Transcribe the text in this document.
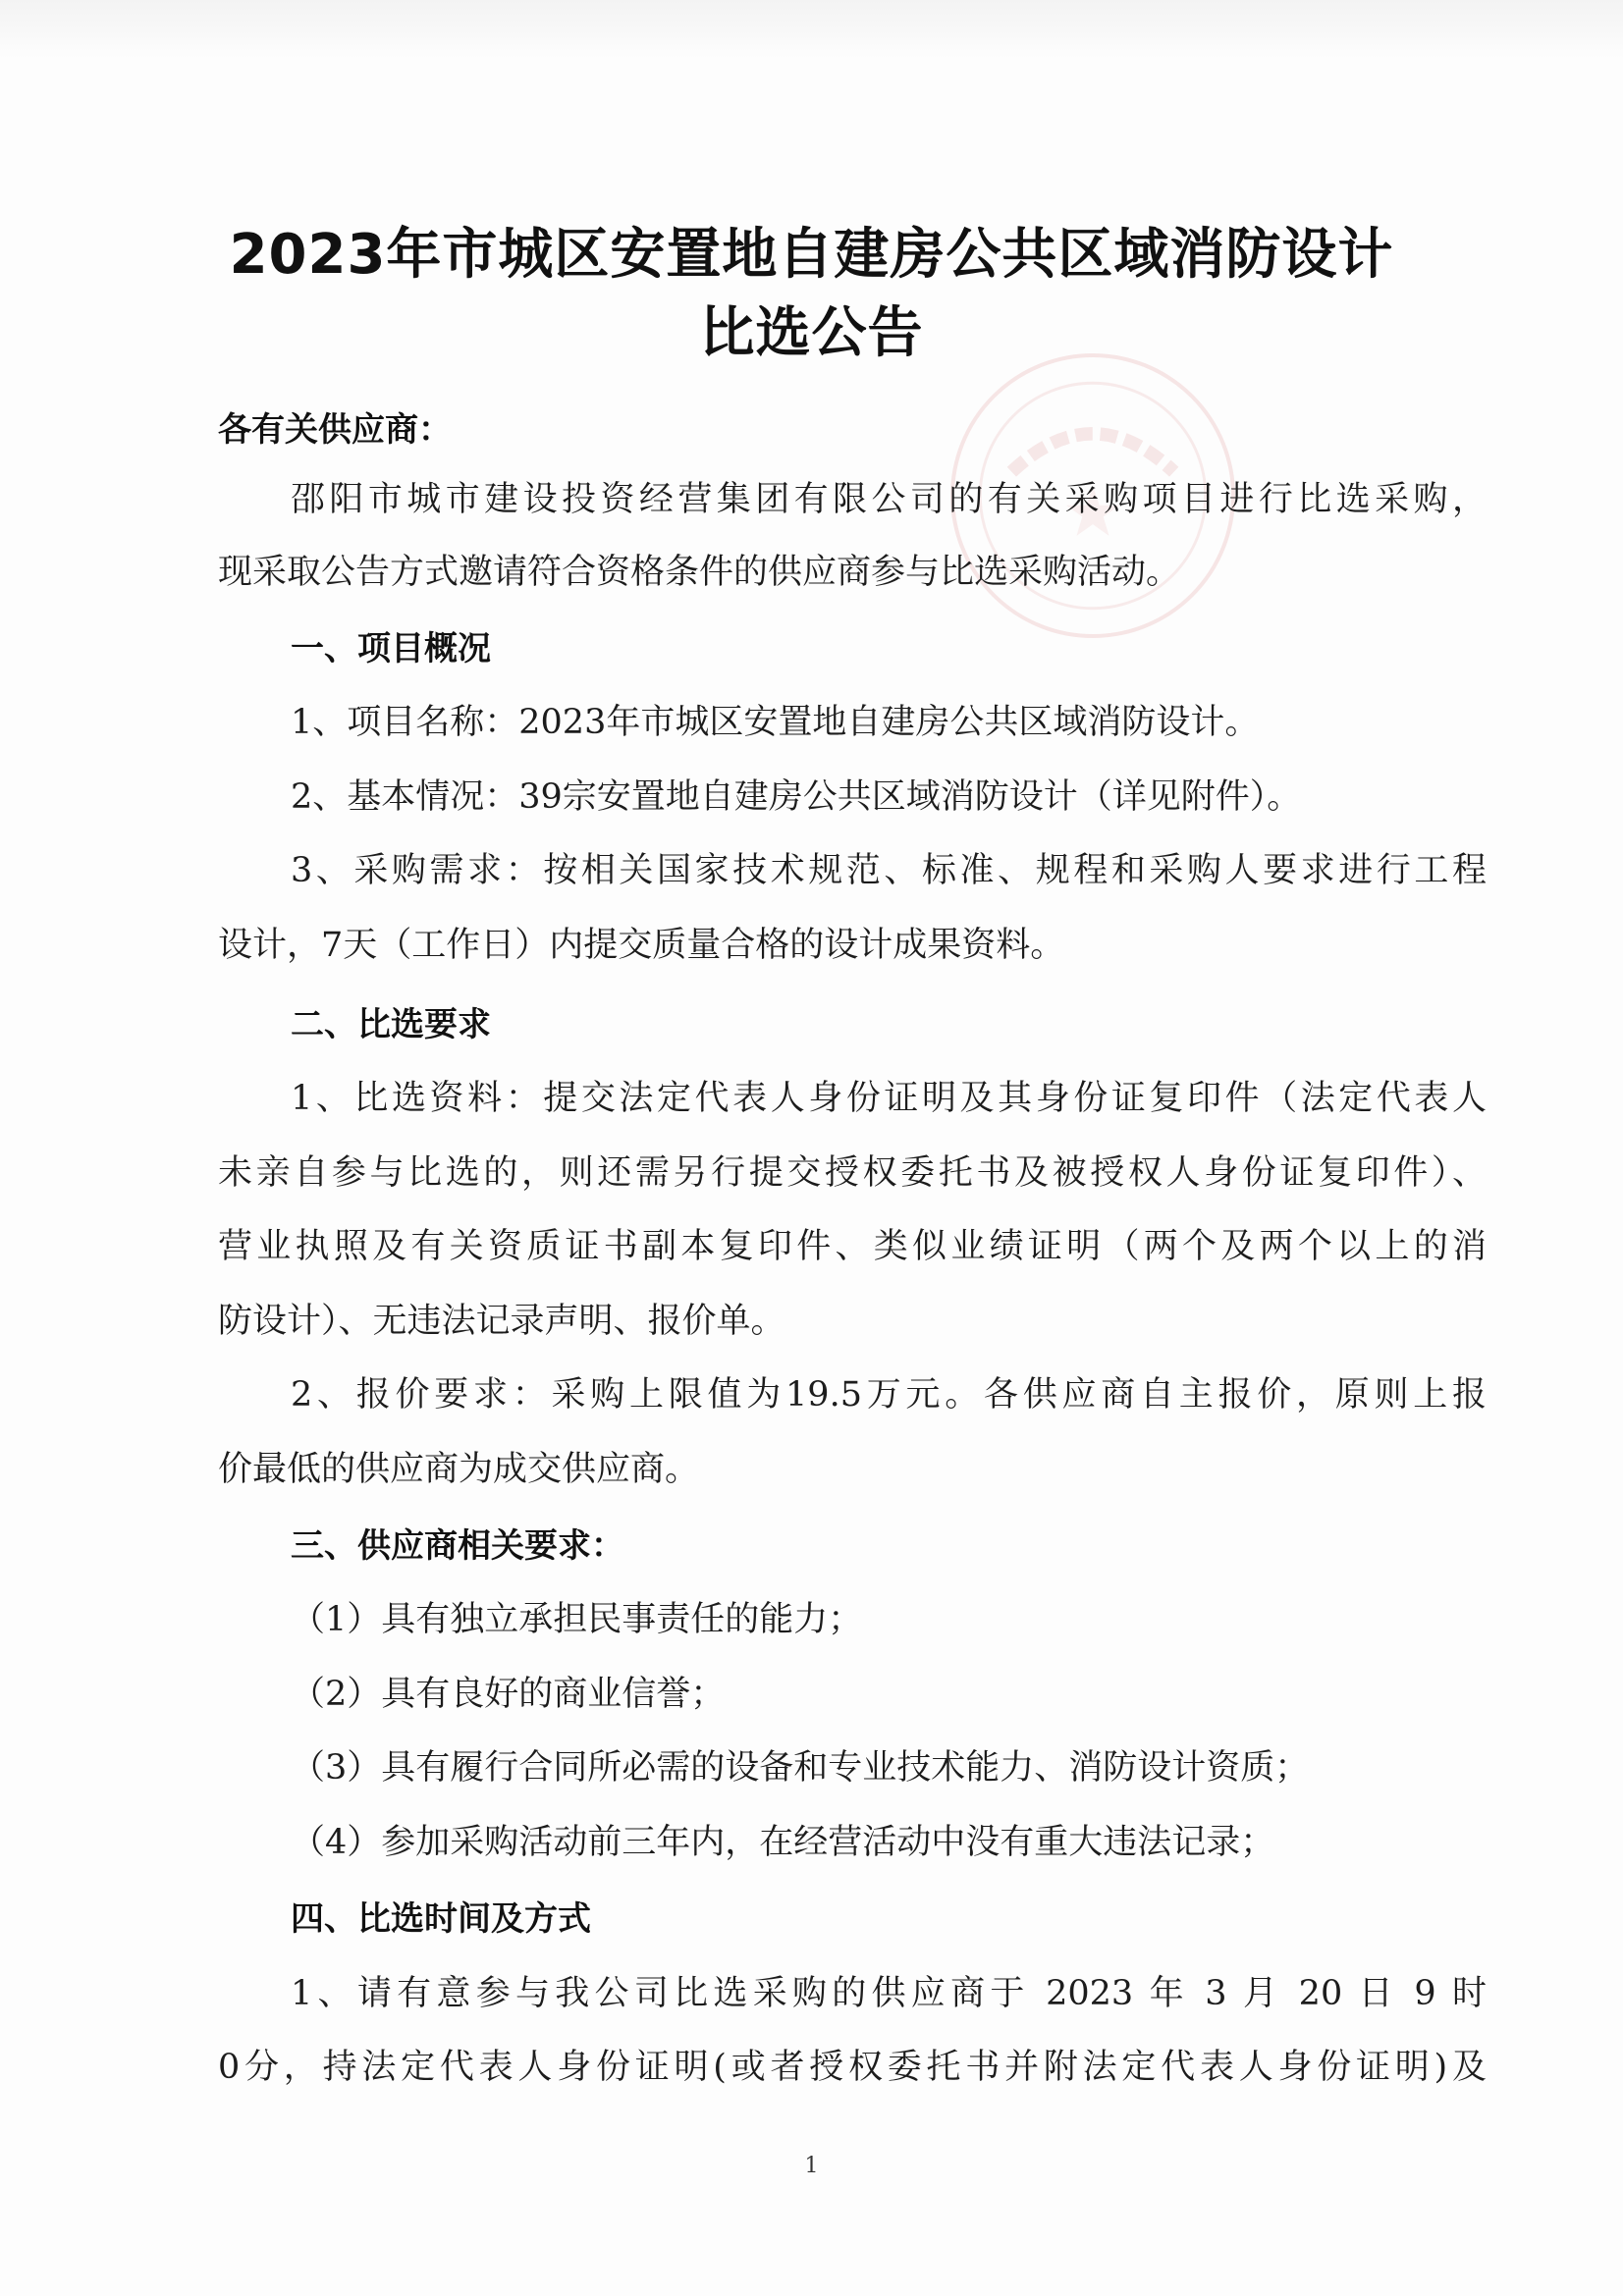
2023年市城区安置地自建房公共区域消防设计
比选公告
各有关供应商：
邵阳市城市建设投资经营集团有限公司的有关采购项目进行比选采购，
现采取公告方式邀请符合资格条件的供应商参与比选采购活动。
一、项目概况
1、项目名称：2023年市城区安置地自建房公共区域消防设计。
2、基本情况：39宗安置地自建房公共区域消防设计（详见附件）。
3、采购需求：按相关国家技术规范、标准、规程和采购人要求进行工程
设计，7天（工作日）内提交质量合格的设计成果资料。
二、比选要求
1、比选资料：提交法定代表人身份证明及其身份证复印件（法定代表人
未亲自参与比选的，则还需另行提交授权委托书及被授权人身份证复印件）、
营业执照及有关资质证书副本复印件、类似业绩证明（两个及两个以上的消
防设计）、无违法记录声明、报价单。
2、报价要求：采购上限值为19.5万元。各供应商自主报价，原则上报
价最低的供应商为成交供应商。
三、供应商相关要求：
（1）具有独立承担民事责任的能力；
（2）具有良好的商业信誉；
（3）具有履行合同所必需的设备和专业技术能力、消防设计资质；
（4）参加采购活动前三年内，在经营活动中没有重大违法记录；
四、比选时间及方式
1、请有意参与我公司比选采购的供应商于 2023 年 3 月 20 日 9 时
0分，持法定代表人身份证明(或者授权委托书并附法定代表人身份证明)及
1
